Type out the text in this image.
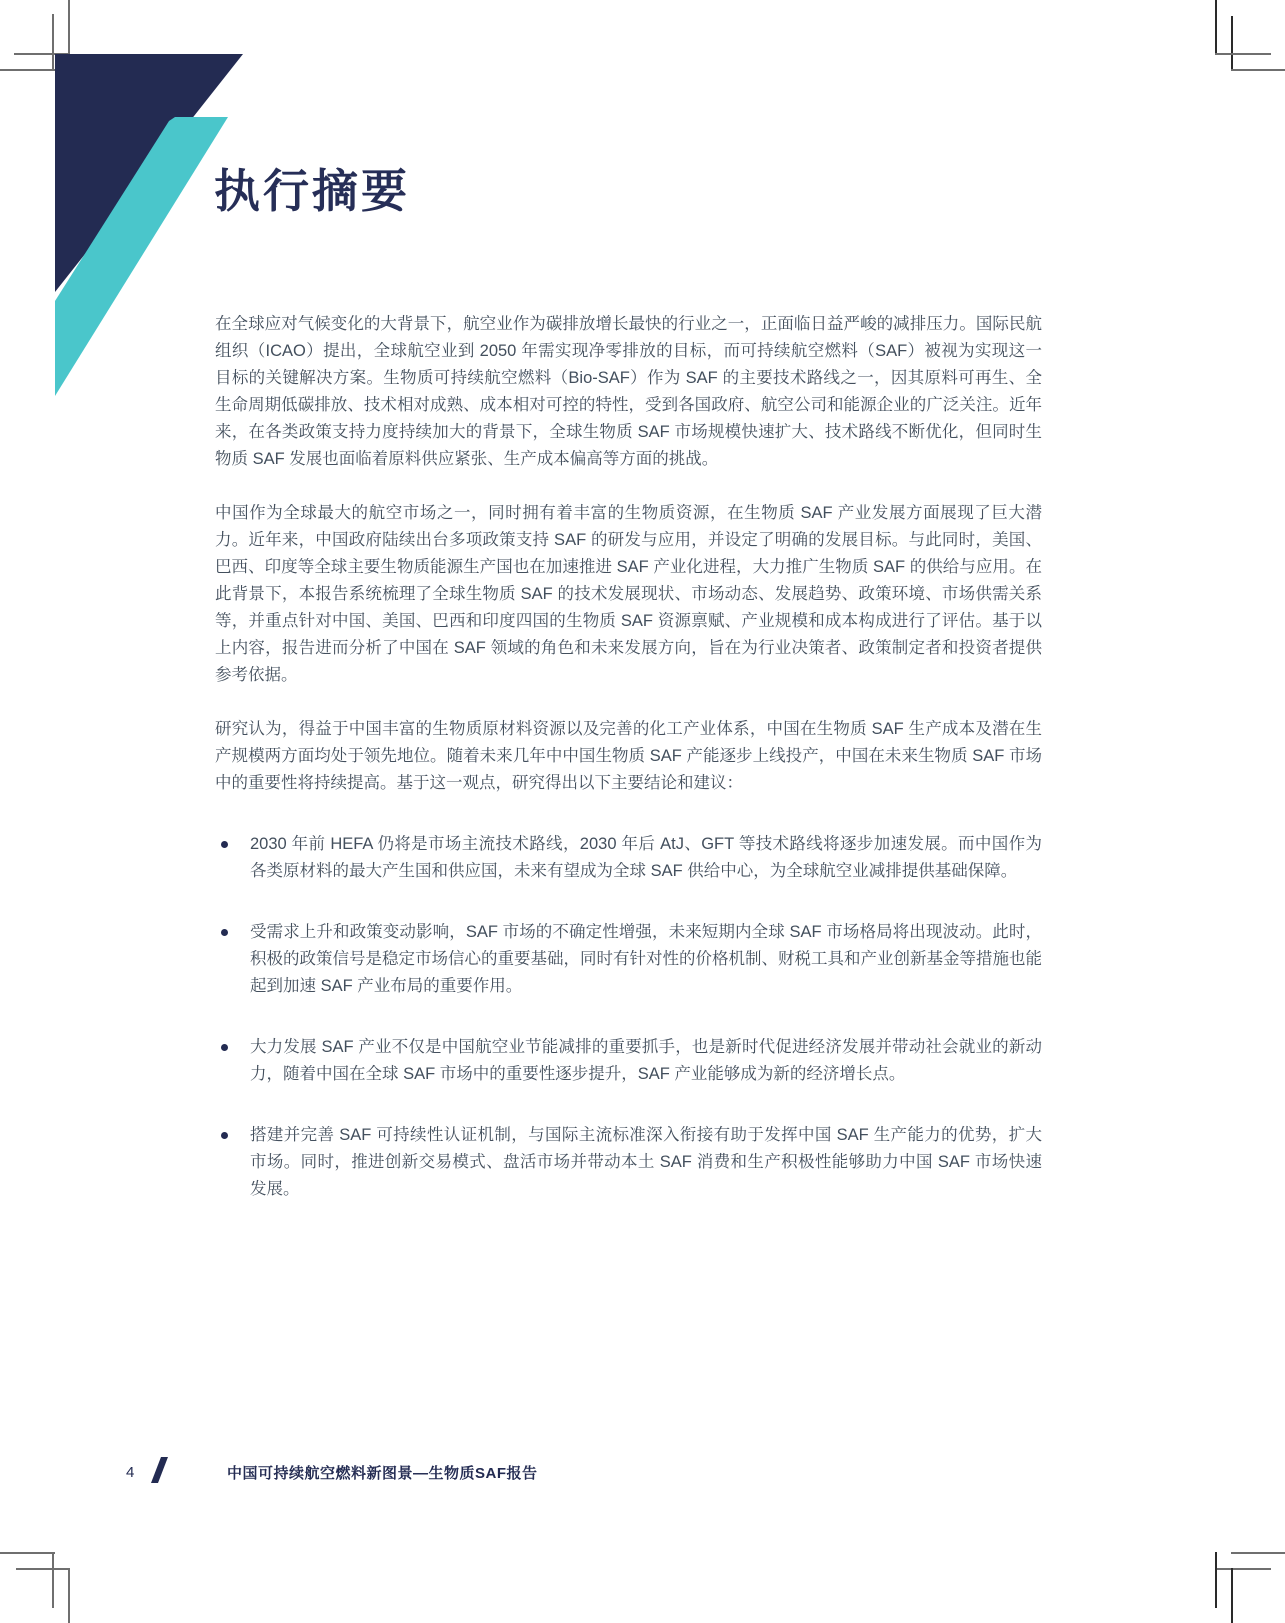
执行摘要

在全球应对气候变化的大背景下，航空业作为碳排放增长最快的行业之一，正面临日益严峻的减排压力。国际民航组织（ICAO）提出，全球航空业到 2050 年需实现净零排放的目标，而可持续航空燃料（SAF）被视为实现这一目标的关键解决方案。生物质可持续航空燃料（Bio-SAF）作为 SAF 的主要技术路线之一，因其原料可再生、全生命周期低碳排放、技术相对成熟、成本相对可控的特性，受到各国政府、航空公司和能源企业的广泛关注。近年来，在各类政策支持力度持续加大的背景下，全球生物质 SAF 市场规模快速扩大、技术路线不断优化，但同时生物质 SAF 发展也面临着原料供应紧张、生产成本偏高等方面的挑战。

中国作为全球最大的航空市场之一，同时拥有着丰富的生物质资源，在生物质 SAF 产业发展方面展现了巨大潜力。近年来，中国政府陆续出台多项政策支持 SAF 的研发与应用，并设定了明确的发展目标。与此同时，美国、巴西、印度等全球主要生物质能源生产国也在加速推进 SAF 产业化进程，大力推广生物质 SAF 的供给与应用。在此背景下，本报告系统梳理了全球生物质 SAF 的技术发展现状、市场动态、发展趋势、政策环境、市场供需关系等，并重点针对中国、美国、巴西和印度四国的生物质 SAF 资源禀赋、产业规模和成本构成进行了评估。基于以上内容，报告进而分析了中国在 SAF 领域的角色和未来发展方向，旨在为行业决策者、政策制定者和投资者提供参考依据。

研究认为，得益于中国丰富的生物质原材料资源以及完善的化工产业体系，中国在生物质 SAF 生产成本及潜在生产规模两方面均处于领先地位。随着未来几年中中国生物质 SAF 产能逐步上线投产，中国在未来生物质 SAF 市场中的重要性将持续提高。基于这一观点，研究得出以下主要结论和建议：

2030 年前 HEFA 仍将是市场主流技术路线，2030 年后 AtJ、GFT 等技术路线将逐步加速发展。而中国作为各类原材料的最大产生国和供应国，未来有望成为全球 SAF 供给中心，为全球航空业减排提供基础保障。
受需求上升和政策变动影响，SAF 市场的不确定性增强，未来短期内全球 SAF 市场格局将出现波动。此时，积极的政策信号是稳定市场信心的重要基础，同时有针对性的价格机制、财税工具和产业创新基金等措施也能起到加速 SAF 产业布局的重要作用。
大力发展 SAF 产业不仅是中国航空业节能减排的重要抓手，也是新时代促进经济发展并带动社会就业的新动力，随着中国在全球 SAF 市场中的重要性逐步提升，SAF 产业能够成为新的经济增长点。
搭建并完善 SAF 可持续性认证机制，与国际主流标准深入衔接有助于发挥中国 SAF 生产能力的优势，扩大市场。同时，推进创新交易模式、盘活市场并带动本土 SAF 消费和生产积极性能够助力中国 SAF 市场快速发展。
4	中国可持续航空燃料新图景—生物质SAF报告
